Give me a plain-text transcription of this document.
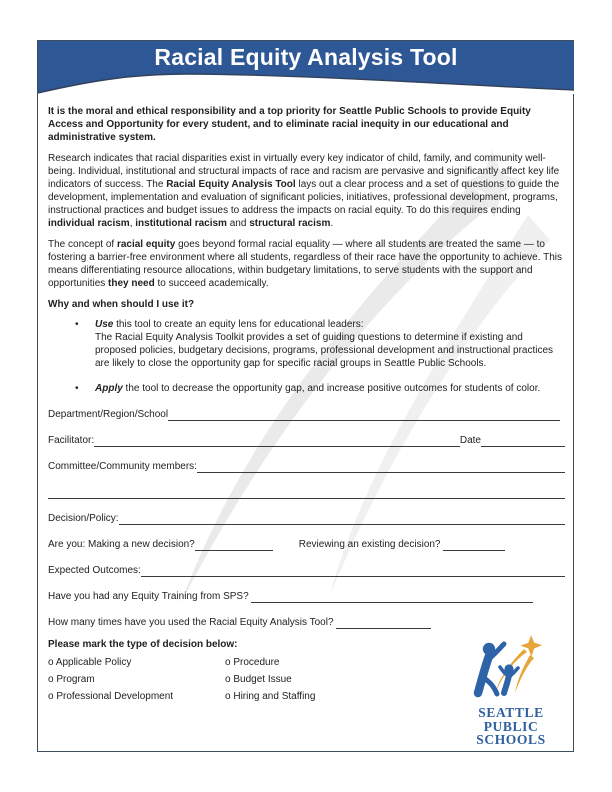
Racial Equity Analysis Tool

It is the moral and ethical responsibility and a top priority for Seattle Public Schools to provide Equity Access and Opportunity for every student, and to eliminate racial inequity in our educational and administrative system.

Research indicates that racial disparities exist in virtually every key indicator of child, family, and community well-being. Individual, institutional and structural impacts of race and racism are pervasive and significantly affect key life indicators of success. The Racial Equity Analysis Tool lays out a clear process and a set of questions to guide the development, implementation and evaluation of significant policies, initiatives, professional development, programs, instructional practices and budget issues to address the impacts on racial equity. To do this requires ending individual racism, institutional racism and structural racism.

The concept of racial equity goes beyond formal racial equality — where all students are treated the same — to fostering a barrier-free environment where all students, regardless of their race have the opportunity to achieve. This means differentiating resource allocations, within budgetary limitations, to serve students with the support and opportunities they need to succeed academically.

Why and when should I use it?
• Use this tool to create an equity lens for educational leaders:
The Racial Equity Analysis Toolkit provides a set of guiding questions to determine if existing and proposed policies, budgetary decisions, programs, professional development and instructional practices are likely to close the opportunity gap for specific racial groups in Seattle Public Schools.
• Apply the tool to decrease the opportunity gap, and increase positive outcomes for students of color.
Department/Region/School
Facilitator:	Date
Committee/Community members:
Decision/Policy:
Are you: Making a new decision?	Reviewing an existing decision?
Expected Outcomes:
Have you had any Equity Training from SPS?
How many times have you used the Racial Equity Analysis Tool?
Please mark the type of decision below:
o Applicable Policy	o Procedure
o Program	o Budget Issue
o Professional Development	o Hiring and Staffing
SEATTLE
PUBLIC
SCHOOLS
